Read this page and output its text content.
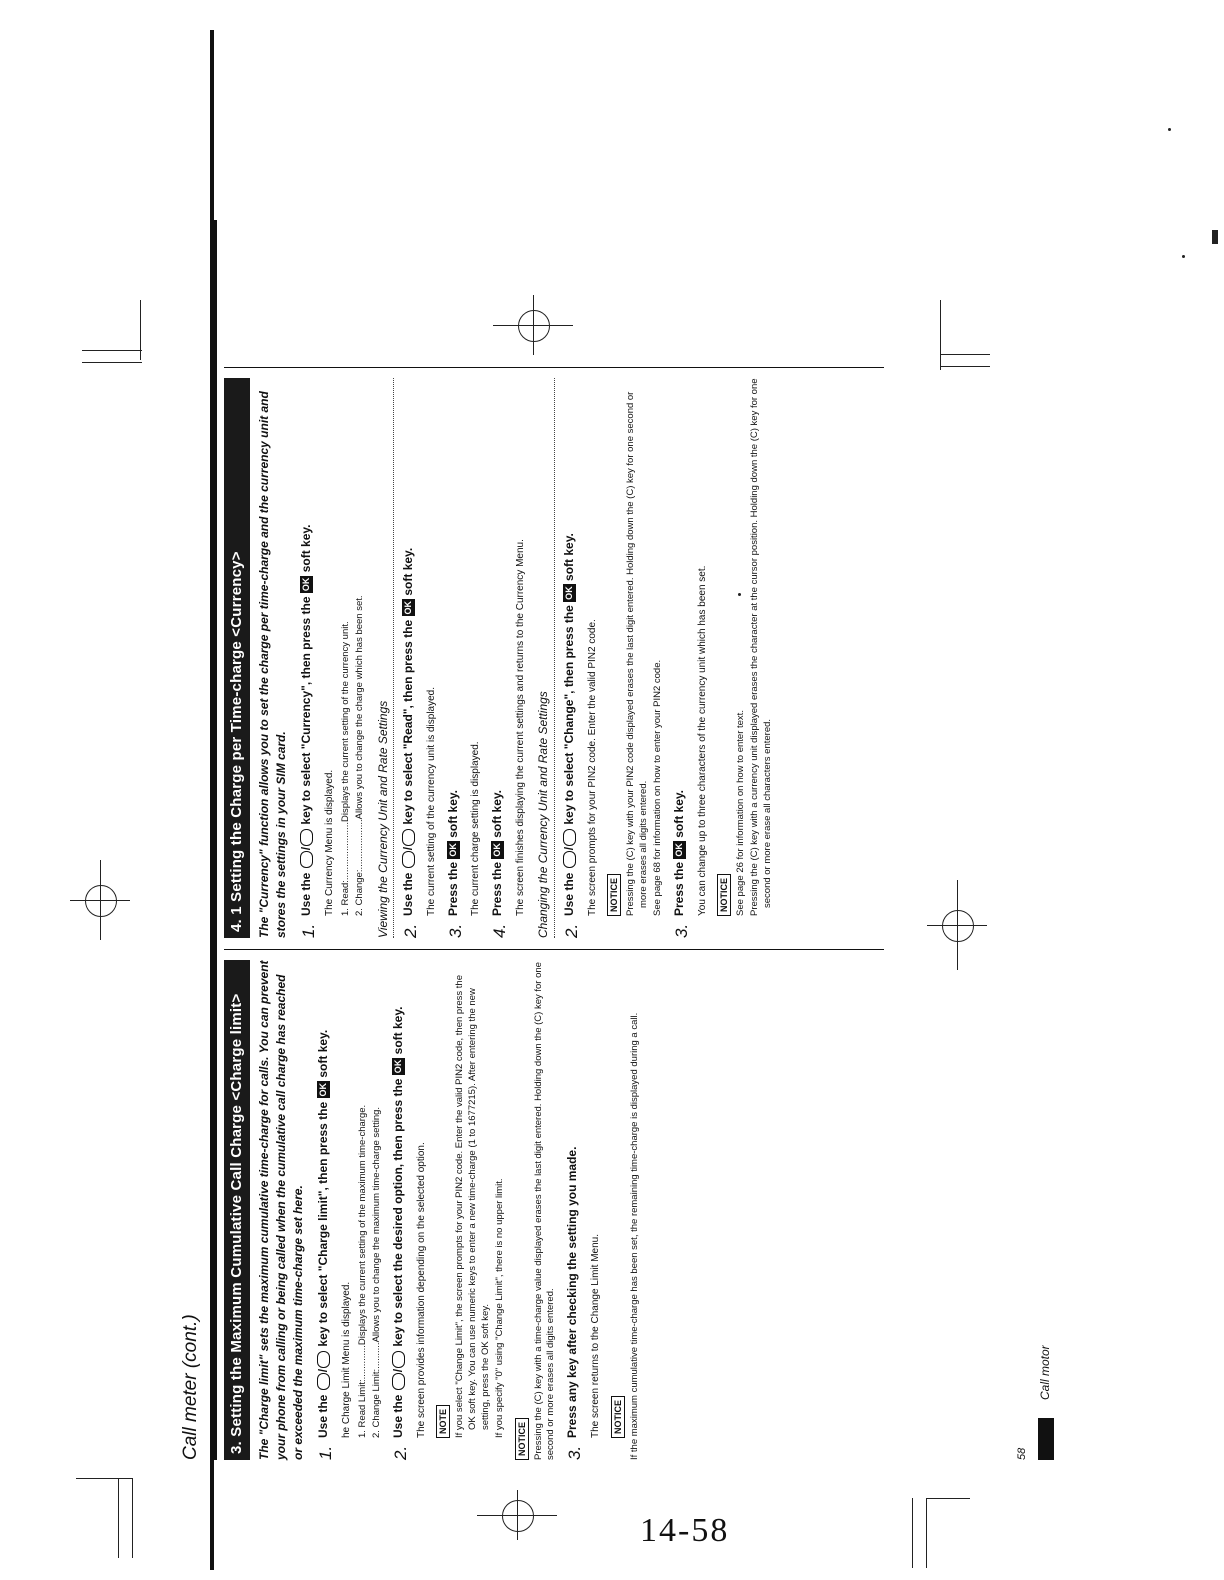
14-58
Call meter (cont.) 3. Setting the Maximum Cumulative Call Charge <Charge limit>	The "Charge limit" sets the maximum cumulative time-charge for calls. You can prevent your phone from calling or being called when the cumulative call charge has reached or exceeded the maximum time-charge set here. 1.
Use the / key to select "Charge limit", then press the OK soft key.
he Charge Limit Menu is displayed. 1. Read Limit:.............Displays the current setting of the maximum time-charge. 2. Change Limit:..........Allows you to change the maximum time-charge setting.
2.
Use the / key to select the desired option, then press the OK soft key.
The screen provides information depending on the selected option. NOTE If you select "Change Limit", the screen prompts for your PIN2 code. Enter the valid PIN2 code, then press the OK soft key. You can use numeric keys to enter a new time-charge (1 to 1677215). After entering the new setting, press the OK soft key. If you specify "0" using "Change Limit", there is no upper limit.
NOTICE Pressing the (C) key with a time-charge value displayed erases the last digit entered. Holding down the (C) key for one second or more erases all digits entered. 3.
Press any key after checking the setting you made.	The screen returns to the Change Limit Menu. NOTICE If the maximum cumulative time-charge has been set, the remaining time-charge is displayed during a call.
4. 1 Setting the Charge per Time-charge <Currency>	The "Currency" function allows you to set the charge per time-charge and the currency unit and stores the settings in your SIM card. 1.
Use the / key to select "Currency", then press the OK soft key.
The Currency Menu is displayed. 1. Read:......................Displays the current setting of the currency unit. 2. Change:...................Allows you to change the charge which has been set. Viewing the Currency Unit and Rate Settings 2.
Use the / key to select "Read", then press the OK soft key.
The current setting of the currency unit is displayed.
3.
Press the OK soft key.	The current charge setting is displayed.
4.
Press the OK soft key.	The screen finishes displaying the current settings and returns to the Currency Menu. Changing the Currency Unit and Rate Settings 2.
Use the / key to select "Change", then press the OK soft key.
The screen prompts for your PIN2 code. Enter the valid PIN2 code. NOTICE Pressing the (C) key with your PIN2 code displayed erases the last digit entered. Holding down the (C) key for one second or more erases all digits entered. See page 68 for information on how to enter your PIN2 code.
3.
Press the OK soft key.	You can change up to three characters of the currency unit which has been set. NOTICE See page 26 for information on how to enter text. Pressing the (C) key with a currency unit displayed erases the character at the cursor position. Holding down the (C) key for one second or more erase all characters entered.
58
Call motor
